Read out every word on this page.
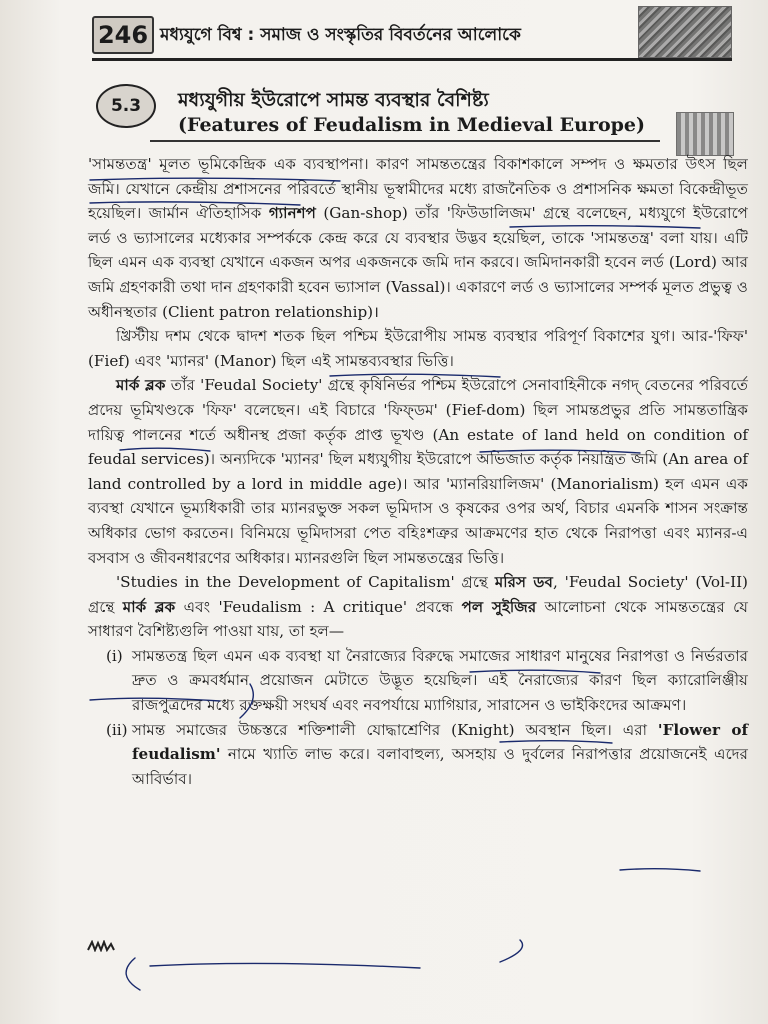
246 মধ্যযুগে বিশ্ব : সমাজ ও সংস্কৃতির বিবর্তনের আলোকে
5.3	মধ্যযুগীয় ইউরোপে সামন্ত ব্যবস্থার বৈশিষ্ট্য
(Features of Feudalism in Medieval Europe)

'সামন্ততন্ত্র' মূলত ভূমিকেন্দ্রিক এক ব্যবস্থাপনা। কারণ সামন্ততন্ত্রের বিকাশকালে সম্পদ ও ক্ষমতার উৎস ছিল জমি। যেখানে কেন্দ্রীয় প্রশাসনের পরিবর্তে স্থানীয় ভূস্বামীদের মধ্যে রাজনৈতিক ও প্রশাসনিক ক্ষমতা বিকেন্দ্রীভূত হয়েছিল। জার্মান ঐতিহাসিক গ্যানশপ (Gan-shop) তাঁর 'ফিউডালিজম' গ্রন্থে বলেছেন, মধ্যযুগে ইউরোপে লর্ড ও ভ্যাসালের মধ্যেকার সম্পর্ককে কেন্দ্র করে যে ব্যবস্থার উদ্ভব হয়েছিল, তাকে 'সামন্ততন্ত্র' বলা যায়। এটি ছিল এমন এক ব্যবস্থা যেখানে একজন অপর একজনকে জমি দান করবে। জমিদানকারী হবেন লর্ড (Lord) আর জমি গ্রহণকারী তথা দান গ্রহণকারী হবেন ভ্যাসাল (Vassal)। একারণে লর্ড ও ভ্যাসালের সম্পর্ক মূলত প্রভুত্ব ও অধীনস্থতার (Client patron relationship)।

খ্রিস্টীয় দশম থেকে দ্বাদশ শতক ছিল পশ্চিম ইউরোপীয় সামন্ত ব্যবস্থার পরিপূর্ণ বিকাশের যুগ। আর-'ফিফ' (Fief) এবং 'ম্যানর' (Manor) ছিল এই সামন্তব্যবস্থার ভিত্তি।

মার্ক ব্লক তাঁর 'Feudal Society' গ্রন্থে কৃষিনির্ভর পশ্চিম ইউরোপে সেনাবাহিনীকে নগদ্ বেতনের পরিবর্তে প্রদেয় ভূমিখণ্ডকে 'ফিফ' বলেছেন। এই বিচারে 'ফিফ্ডম' (Fief-dom) ছিল সামন্তপ্রভুর প্রতি সামন্ততান্ত্রিক দায়িত্ব পালনের শর্তে অধীনস্থ প্রজা কর্তৃক প্রাপ্ত ভূখণ্ড (An estate of land held on condition of feudal services)। অন্যদিকে 'ম্যানর' ছিল মধ্যযুগীয় ইউরোপে অভিজাত কর্তৃক নিয়ন্ত্রিত জমি (An area of land controlled by a lord in middle age)। আর 'ম্যানরিয়ালিজম' (Manorialism) হল এমন এক ব্যবস্থা যেখানে ভূম্যধিকারী তার ম্যানরভুক্ত সকল ভূমিদাস ও কৃষকের ওপর অর্থ, বিচার এমনকি শাসন সংক্রান্ত অধিকার ভোগ করতেন। বিনিময়ে ভূমিদাসরা পেত বহিঃশত্রুর আক্রমণের হাত থেকে নিরাপত্তা এবং ম্যানর-এ বসবাস ও জীবনধারণের অধিকার। ম্যানরগুলি ছিল সামন্ততন্ত্রের ভিত্তি।

'Studies in the Development of Capitalism' গ্রন্থে মরিস ডব, 'Feudal Society' (Vol-II) গ্রন্থে মার্ক ব্লক এবং 'Feudalism : A critique' প্রবন্ধে পল সুইজির আলোচনা থেকে সামন্ততন্ত্রের যে সাধারণ বৈশিষ্ট্যগুলি পাওয়া যায়, তা হল—

(i) সামন্ততন্ত্র ছিল এমন এক ব্যবস্থা যা নৈরাজ্যের বিরুদ্ধে সমাজের সাধারণ মানুষের নিরাপত্তা ও নির্ভরতার দ্রুত ও ক্রমবর্ধমান প্রয়োজন মেটাতে উদ্ভূত হয়েছিল। এই নৈরাজ্যের কারণ ছিল ক্যারোলিঞ্জীয় রাজপুত্রদের মধ্যে রক্তক্ষয়ী সংঘর্ষ এবং নবপর্যায়ে ম্যাগিয়ার, সারাসেন ও ভাইকিংদের আক্রমণ।
(ii) সামন্ত সমাজের উচ্চস্তরে শক্তিশালী যোদ্ধাশ্রেণির (Knight) অবস্থান ছিল। এরা 'Flower of feudalism' নামে খ্যাতি লাভ করে। বলাবাহুল্য, অসহায় ও দুর্বলের নিরাপত্তার প্রয়োজনেই এদের আবির্ভাব।
